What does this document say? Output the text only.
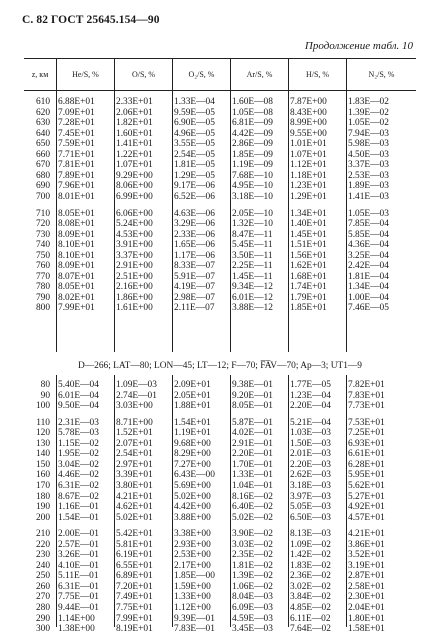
С. 82 ГОСТ 25645.154—90
Продолжение табл. 10
z, км	He/S, %	O/S, %	O₂/S, %	Ar/S, %	H/S, %	N₂/S, %
610 6.88E+01 2.33E+01 1.33E—04 1.60E—08 7.87E+00 1.83E—02
620 7.09E+01 2.06E+01 9.59E—05 1.05E—08 8.43E+00 1.39E—02
630 7.28E+01 1.82E+01 6.90E—05 6.81E—09 8.99E+00 1.05E—02
640 7.45E+01 1.60E+01 4.96E—05 4.42E—09 9.55E+00 7.94E—03
650 7.59E+01 1.41E+01 3.55E—05 2.86E—09 1.01E+01 5.98E—03
660 7.71E+01 1.22E+01 2.54E—05 1.85E—09 1.07E+01 4.50E—03
670 7.81E+01 1.07E+01 1.81E—05 1.19E—09 1.12E+01 3.37E—03
680 7.89E+01 9.29E+00 1.29E—05 7.68E—10 1.18E+01 2.53E—03
690 7.96E+01 8.06E+00 9.17E—06 4.95E—10 1.23E+01 1.89E—03
700 8.01E+01 6.99E+00 6.52E—06 3.18E—10 1.29E+01 1.41E—03
710 8.05E+01 6.06E+00 4.63E—06 2.05E—10 1.34E+01 1.05E—03
720 8.08E+01 5.24E+00 3.29E—06 1.32E—10 1.40E+01 7.85E—04
730 8.09E+01 4.53E+00 2.33E—06 8.47E—11 1.45E+01 5.85E—04
740 8.10E+01 3.91E+00 1.65E—06 5.45E—11 1.51E+01 4.36E—04
750 8.10E+01 3.37E+00 1.17E—06 3.50E—11 1.56E+01 3.25E—04
760 8.09E+01 2.91E+00 8.33E—07 2.25E—11 1.62E+01 2.42E—04
770 8.07E+01 2.51E+00 5.91E—07 1.45E—11 1.68E+01 1.81E—04
780 8.05E+01 2.16E+00 4.19E—07 9.34E—12 1.74E+01 1.34E—04
790 8.02E+01 1.86E+00 2.98E—07 6.01E—12 1.79E+01 1.00E—04
800 7.99E+01 1.61E+00 2.11E—07 3.88E—12 1.85E+01 7.46E—05
80 5.40E—04 1.09E—03 2.09E+01 9.38E—01 1.77E—05 7.82E+01
90 6.01E—04 2.74E—01 2.05E+01 9.20E—01 1.23E—04 7.83E+01
100 9.50E—04 3.03E+00 1.88E+01 8.05E—01 2.20E—04 7.73E+01
110 2.31E—03 8.71E+00 1.54E+01 5.87E—01 5.21E—04 7.53E+01
120 5.78E—03 1.52E+01 1.19E+01 4.02E—01 1.03E—03 7.25E+01
130 1.15E—02 2.07E+01 9.68E+00 2.91E—01 1.50E—03 6.93E+01
140 1.95E—02 2.54E+01 8.29E+00 2.20E—01 2.01E—03 6.61E+01
150 3.04E—02 2.97E+01 7.27E+00 1.70E—01 2.20E—03 6.28E+01
160 4.46E—02 3.39E+01 6.43E—00 1.33E—01 2.62E—03 5.95E+01
170 6.31E—02 3.80E+01 5.69E+00 1.04E—01 3.18E—03 5.62E+01
180 8.67E—02 4.21E+01 5.02E+00 8.16E—02 3.97E—03 5.27E+01
190 1.16E—01 4.62E+01 4.42E+00 6.40E—02 5.05E—03 4.92E+01
200 1.54E—01 5.02E+01 3.88E+00 5.02E—02 6.50E—03 4.57E+01
210 2.00E—01 5.42E+01 3.38E+00 3.90E—02 8.13E—03 4.21E+01
220 2.57E—01 5.81E+01 2.93E+00 3.03E—02 1.09E—02 3.86E+01
230 3.26E—01 6.19E+01 2.53E+00 2.35E—02 1.42E—02 3.52E+01
240 4.10E—01 6.55E+01 2.17E+00 1.81E—02 1.83E—02 3.19E+01
250 5.11E—01 6.89E+01 1.85E—00 1.39E—02 2.36E—02 2.87E+01
260 6.31E—01 7.20E+01 1.59E+00 1.06E—02 3.02E—02 2.58E+01
270 7.75E—01 7.49E+01 1.33E+00 8.04E—03 3.84E—02 2.30E+01
280 9.44E—01 7.75E+01 1.12E+00 6.09E—03 4.85E—02 2.04E+01
290 1.14E+00 7.99E+01 9.39E—01 4.59E—03 6.11E—02 1.80E+01
300 1.38E+00 8.19E+01 7.83E—01 3.45E—03 7.64E—02 1.58E+01
D—266; LAT—80; LON—45; LT—12; F—70; F̅A̅V—70; Ap—3; UT1—9
